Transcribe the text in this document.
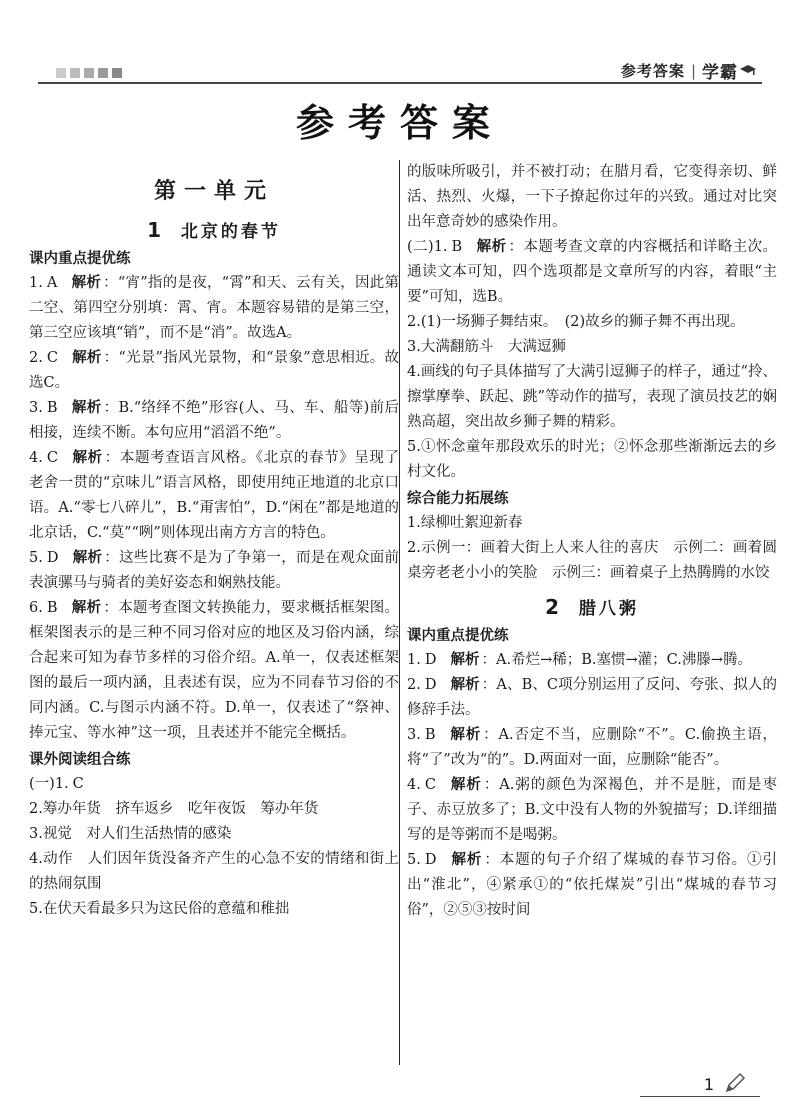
参考答案 | 学霸
参考答案
第一单元
1 北京的春节
课内重点提优练

1. A 解析 ：“宵”指的是夜，“霄”和天、云有关，因此第二空、第四空分别填：霄、宵。本题容易错的是第三空，第三空应该填“销”，而不是“消”。故选A。

2. C 解析 ：“光景”指风光景物，和“景象”意思相近。故选C。

3. B 解析 ：B.“络绎不绝”形容(人、马、车、船等)前后相接，连续不断。本句应用“滔滔不绝”。

4. C 解析 ：本题考查语言风格。《北京的春节》呈现了老舍一贯的“京味儿”语言风格，即使用纯正地道的北京口语。A.“零七八碎儿”，B.“甭害怕”，D.“闲在”都是地道的北京话，C.“莫”“咧”则体现出南方方言的特色。

5. D 解析 ：这些比赛不是为了争第一，而是在观众面前表演骡马与骑者的美好姿态和娴熟技能。

6. B 解析 ：本题考查图文转换能力，要求概括框架图。框架图表示的是三种不同习俗对应的地区及习俗内涵，综合起来可知为春节多样的习俗介绍。A.单一，仅表述框架图的最后一项内涵，且表述有误，应为不同春节习俗的不同内涵。C.与图示内涵不符。D.单一，仅表述了“祭神、捧元宝、等水神”这一项，且表述并不能完全概括。

课外阅读组合练

(一)1. C

2.筹办年货　挤车返乡　吃年夜饭　筹办年货

3.视觉　对人们生活热情的感染

4.动作　人们因年货没备齐产生的心急不安的情绪和街上的热闹氛围

5.在伏天看最多只为这民俗的意蕴和稚拙

的版味所吸引，并不被打动；在腊月看，它变得亲切、鲜活、热烈、火爆，一下子撩起你过年的兴致。通过对比突出年意奇妙的感染作用。

(二)1. B 解析 ：本题考查文章的内容概括和详略主次。通读文本可知，四个选项都是文章所写的内容，着眼“主要”可知，选B。

2.(1)一场狮子舞结束。　(2)故乡的狮子舞不再出现。

3.大满翻筋斗　大满逗狮

4.画线的句子具体描写了大满引逗狮子的样子，通过“拎、擦掌摩拳、跃起、跳”等动作的描写，表现了演员技艺的娴熟高超，突出故乡狮子舞的精彩。

5.①怀念童年那段欢乐的时光；②怀念那些渐渐远去的乡村文化。

综合能力拓展练

1.绿柳吐絮迎新春

2.示例一：画着大街上人来人往的喜庆　示例二：画着圆桌旁老老小小的笑脸　示例三：画着桌子上热腾腾的水饺

2 腊八粥
课内重点提优练

1. D 解析 ：A.希烂→稀；B.塞惯→灌；C.沸滕→腾。

2. D 解析 ：A、B、C项分别运用了反问、夸张、拟人的修辞手法。

3. B 解析 ：A.否定不当，应删除“不”。C.偷换主语，将“了”改为“的”。D.两面对一面，应删除“能否”。

4. C 解析 ：A.粥的颜色为深褐色，并不是脏，而是枣子、赤豆放多了；B.文中没有人物的外貌描写；D.详细描写的是等粥而不是喝粥。

5. D 解析 ：本题的句子介绍了煤城的春节习俗。①引出“淮北”，④紧承①的“依托煤炭”引出“煤城的春节习俗”，②⑤③按时间

1
